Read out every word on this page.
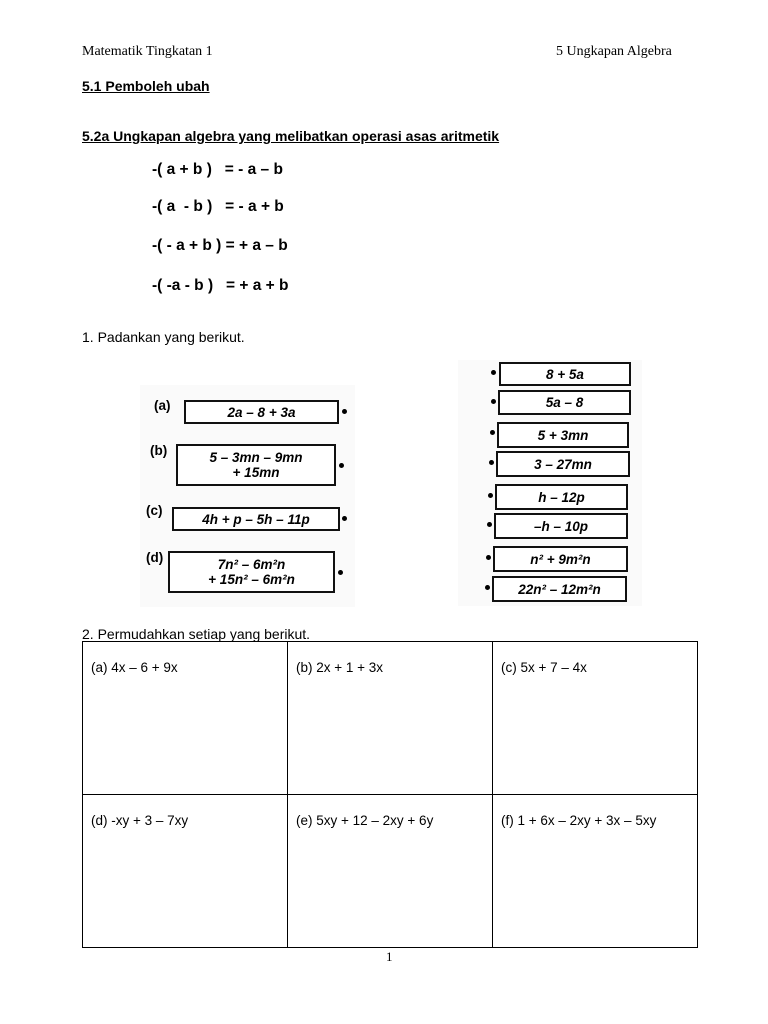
Matematik Tingkatan 1	5 Ungkapan Algebra
5.1 Pemboleh ubah
5.2a Ungkapan algebra yang melibatkan operasi asas aritmetik
-( a + b )   = - a – b
-( a  - b )   = - a + b
-( - a + b ) = + a – b
-( -a - b )   = + a + b
1. Padankan yang berikut.
(a)	2a – 8 + 3a
(b)	5 – 3mn – 9mn
+ 15mn
(c)
4h + p – 5h – 11p
(d)	7n² – 6m²n
+ 15n² – 6m²n
8 + 5a
5a – 8
5 + 3mn
3 – 27mn
h – 12p
–h – 10p
n² + 9m²n
22n² – 12m²n
2. Permudahkan setiap yang berikut.
(a) 4x – 6 + 9x	(b) 2x + 1 + 3x	(c) 5x + 7 – 4x
(d) -xy + 3 – 7xy	(e) 5xy + 12 – 2xy + 6y	(f) 1 + 6x – 2xy + 3x – 5xy
1
